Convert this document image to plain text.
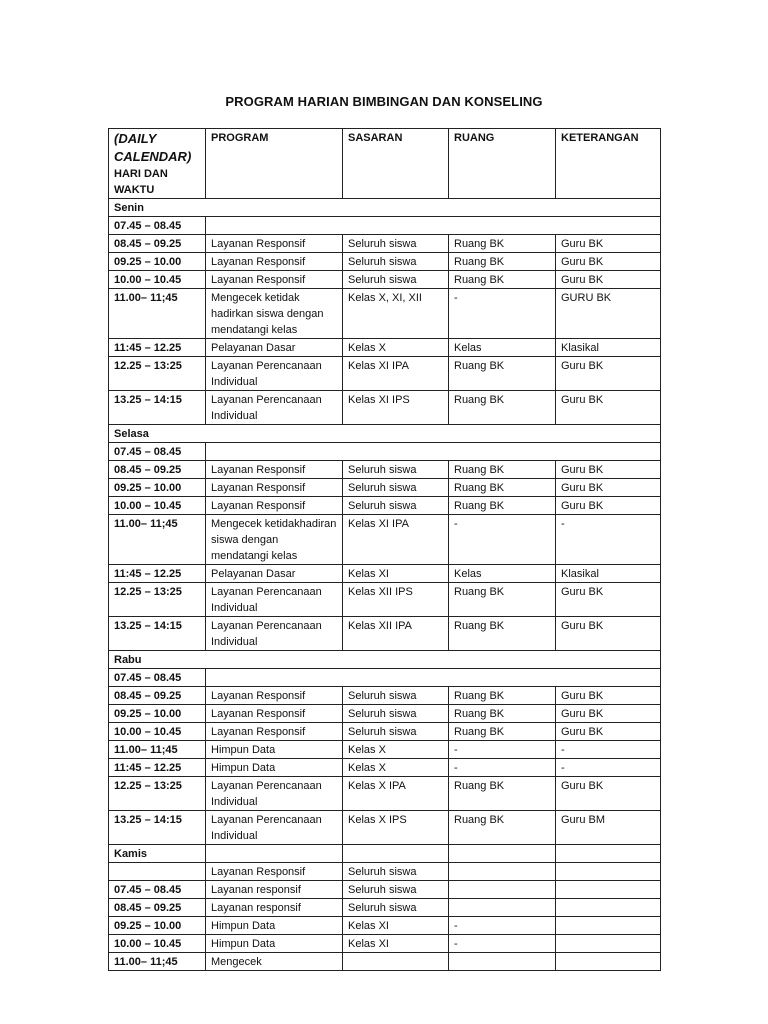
PROGRAM HARIAN BIMBINGAN DAN KONSELING
(DAILY CALENDAR)
HARI DAN WAKTU	PROGRAM	SASARAN	RUANG	KETERANGAN
Senin				
07.45 – 08.45				
08.45 – 09.25	Layanan Responsif	Seluruh siswa	Ruang BK	Guru BK
09.25 – 10.00	Layanan Responsif	Seluruh siswa	Ruang BK	Guru BK
10.00 – 10.45	Layanan Responsif	Seluruh siswa	Ruang BK	Guru BK
11.00– 11;45	Mengecek ketidak hadirkan siswa dengan mendatangi kelas	Kelas X, XI, XII	-	GURU BK
11:45 – 12.25	Pelayanan Dasar	Kelas X	Kelas	Klasikal
12.25 – 13:25	Layanan Perencanaan Individual	Kelas XI IPA	Ruang BK	Guru BK
13.25 – 14:15	Layanan Perencanaan Individual	Kelas XI IPS	Ruang BK	Guru BK
Selasa				
07.45 – 08.45				
08.45 – 09.25	Layanan Responsif	Seluruh siswa	Ruang BK	Guru BK
09.25 – 10.00	Layanan Responsif	Seluruh siswa	Ruang BK	Guru BK
10.00 – 10.45	Layanan Responsif	Seluruh siswa	Ruang BK	Guru BK
11.00– 11;45	Mengecek ketidakhadiran siswa dengan mendatangi kelas	Kelas XI IPA	-	-
11:45 – 12.25	Pelayanan Dasar	Kelas XI	Kelas	Klasikal
12.25 – 13:25	Layanan Perencanaan Individual	Kelas XII IPS	Ruang BK	Guru BK
13.25 – 14:15	Layanan Perencanaan Individual	Kelas XII IPA	Ruang BK	Guru BK
Rabu				
07.45 – 08.45				
08.45 – 09.25	Layanan Responsif	Seluruh siswa	Ruang BK	Guru BK
09.25 – 10.00	Layanan Responsif	Seluruh siswa	Ruang BK	Guru BK
10.00 – 10.45	Layanan Responsif	Seluruh siswa	Ruang BK	Guru BK
11.00– 11;45	Himpun Data	Kelas X	-	-
11:45 – 12.25	Himpun Data	Kelas X	-	-
12.25 – 13:25	Layanan Perencanaan Individual	Kelas X IPA	Ruang BK	Guru BK
13.25 – 14:15	Layanan Perencanaan Individual	Kelas X IPS	Ruang BK	Guru BM
Kamis				
	Layanan Responsif	Seluruh siswa		
07.45 – 08.45	Layanan responsif	Seluruh siswa		
08.45 – 09.25	Layanan responsif	Seluruh siswa		
09.25 – 10.00	Himpun Data	Kelas XI	-	
10.00 – 10.45	Himpun Data	Kelas XI	-	
11.00– 11;45	Mengecek			
